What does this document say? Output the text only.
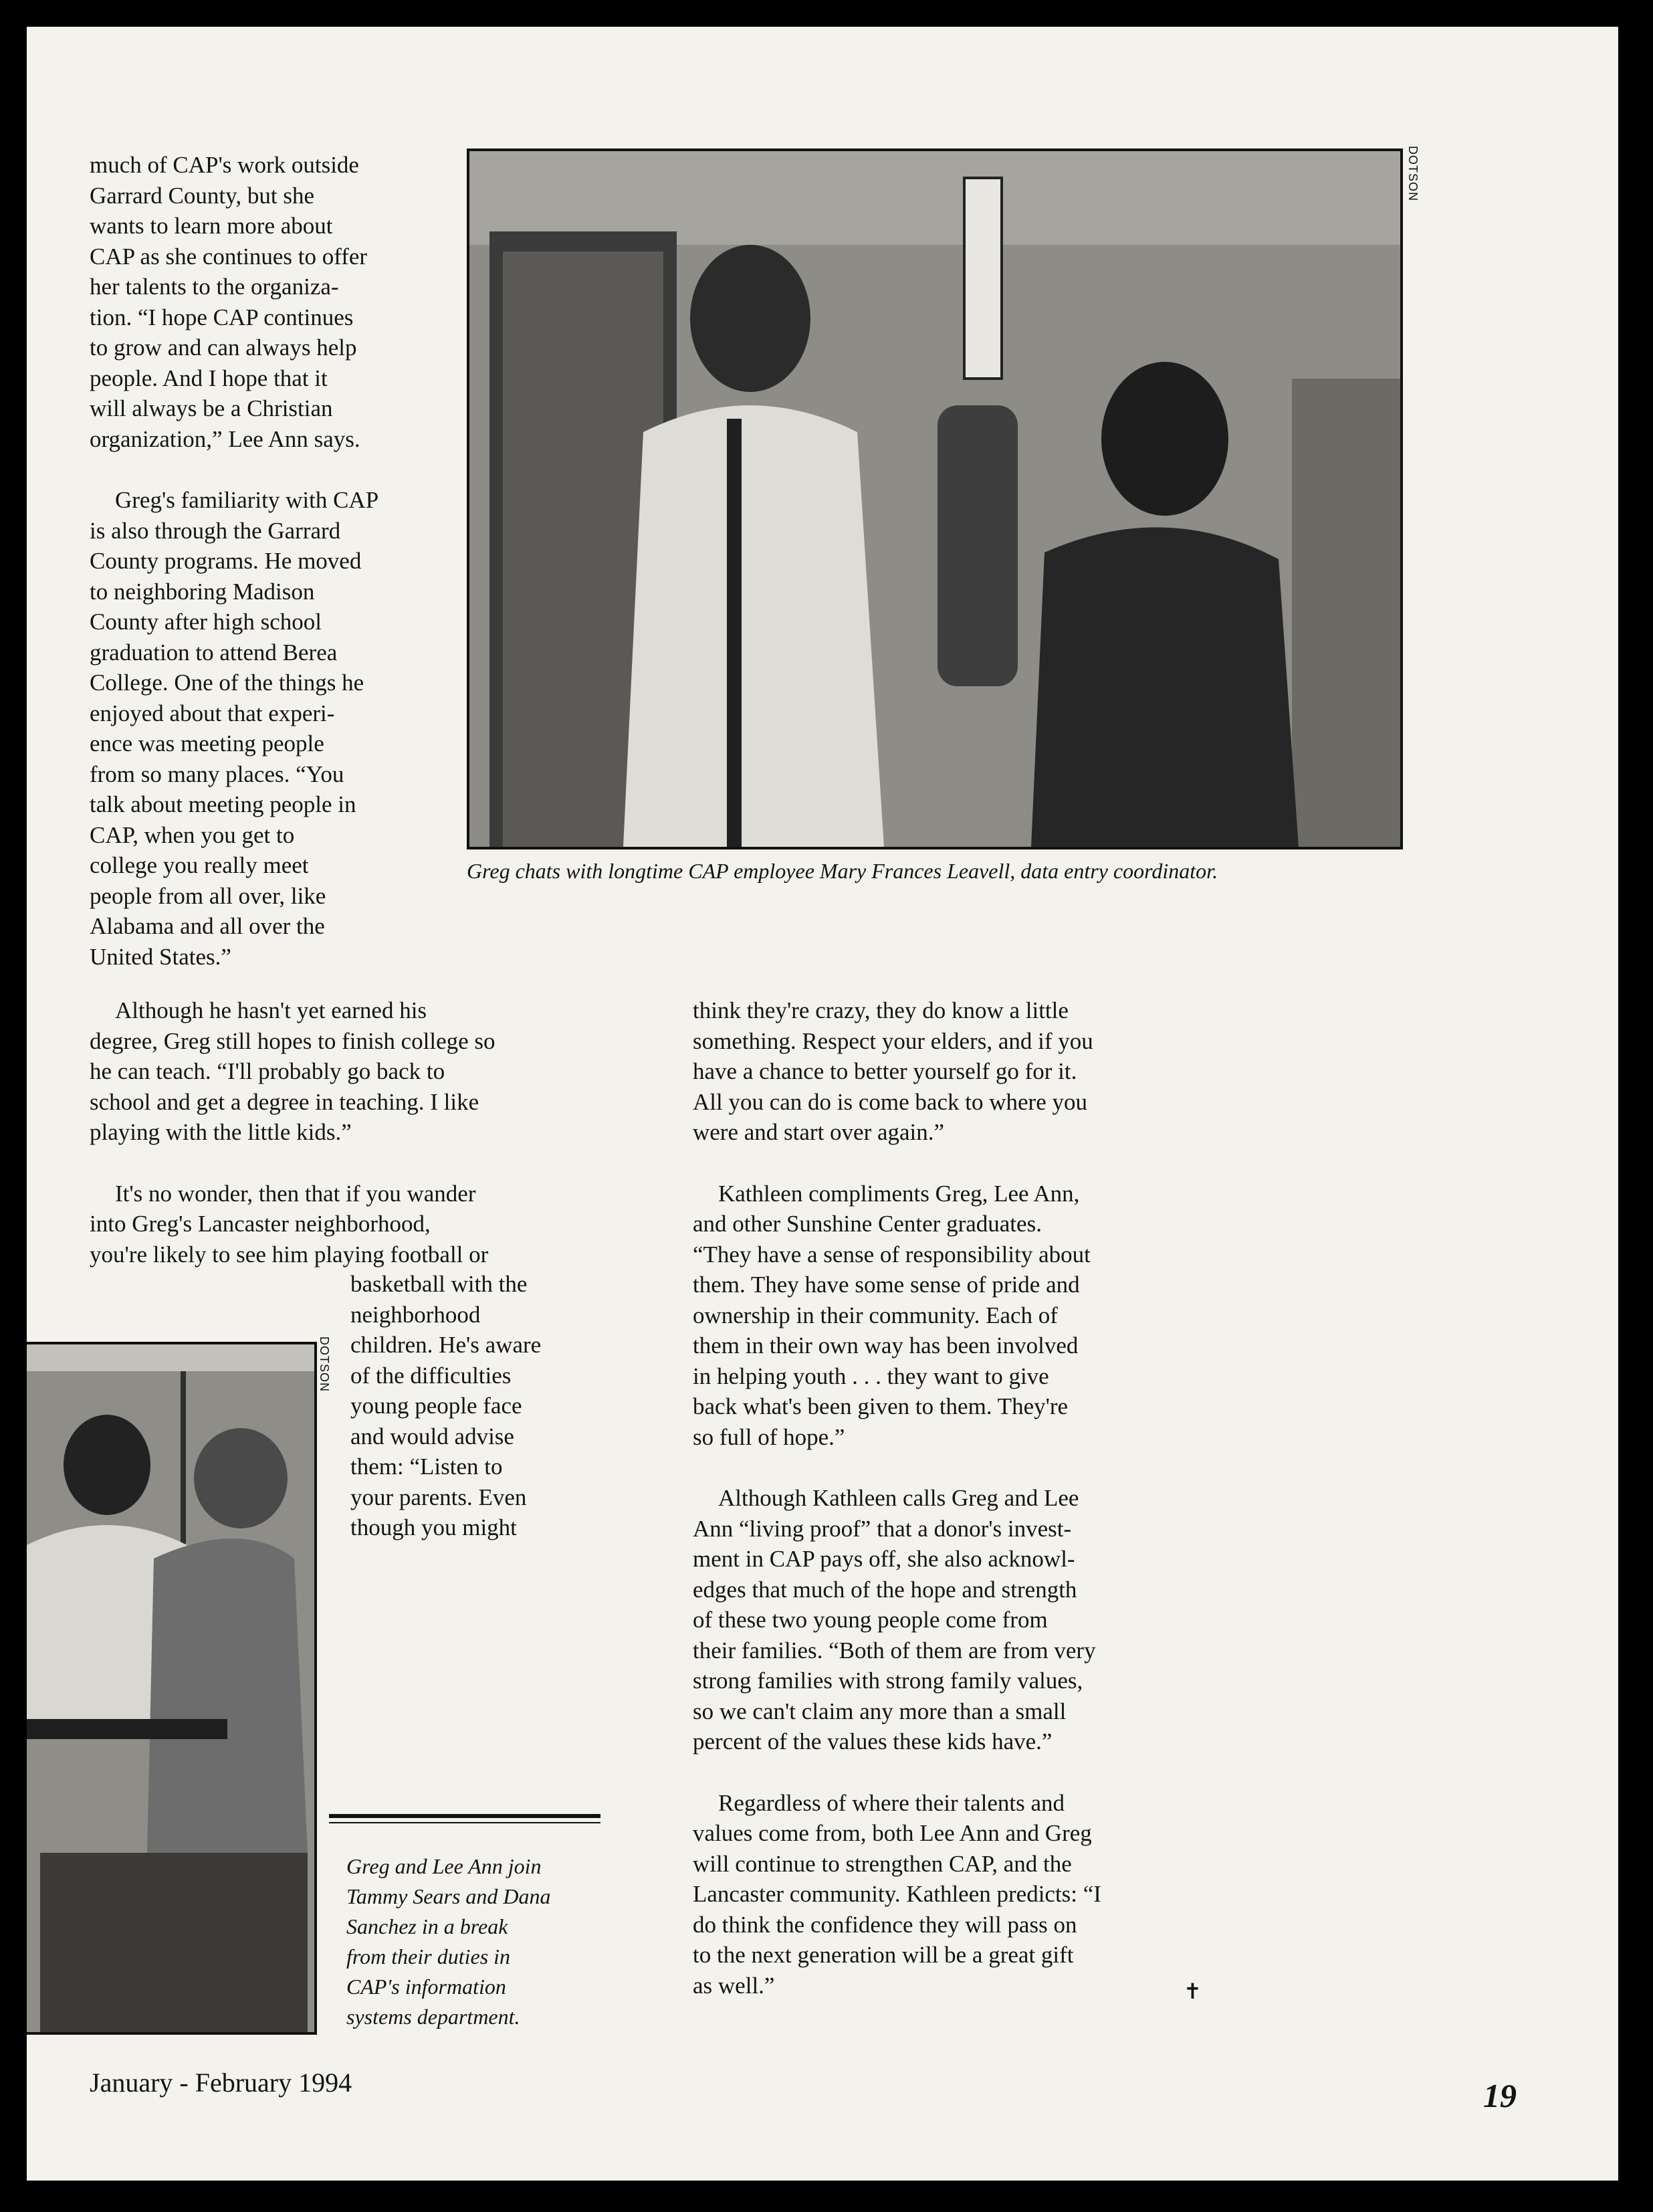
much of CAP's work outside
Garrard County, but she
wants to learn more about
CAP as she continues to offer
her talents to the organiza-
tion. “I hope CAP continues
to grow and can always help
people. And I hope that it
will always be a Christian
organization,” Lee Ann says.

Greg's familiarity with CAP
is also through the Garrard
County programs. He moved
to neighboring Madison
County after high school
graduation to attend Berea
College. One of the things he
enjoyed about that experi-
ence was meeting people
from so many places. “You
talk about meeting people in
CAP, when you get to
college you really meet
people from all over, like
Alabama and all over the
United States.”

DOTSON
Greg chats with longtime CAP employee Mary Frances Leavell, data entry coordinator.

Although he hasn't yet earned his
degree, Greg still hopes to finish college so
he can teach. “I'll probably go back to
school and get a degree in teaching. I like
playing with the little kids.”

It's no wonder, then that if you wander
into Greg's Lancaster neighborhood,
you're likely to see him playing football or

basketball with the
neighborhood
children. He's aware
of the difficulties
young people face
and would advise
them: “Listen to
your parents. Even
though you might

DOTSON

Greg and Lee Ann join
Tammy Sears and Dana
Sanchez in a break
from their duties in
CAP's information
systems department.

think they're crazy, they do know a little
something. Respect your elders, and if you
have a chance to better yourself go for it.
All you can do is come back to where you
were and start over again.”

Kathleen compliments Greg, Lee Ann,
and other Sunshine Center graduates.
“They have a sense of responsibility about
them. They have some sense of pride and
ownership in their community. Each of
them in their own way has been involved
in helping youth . . . they want to give
back what's been given to them. They're
so full of hope.”

Although Kathleen calls Greg and Lee
Ann “living proof” that a donor's invest-
ment in CAP pays off, she also acknowl-
edges that much of the hope and strength
of these two young people come from
their families. “Both of them are from very
strong families with strong family values,
so we can't claim any more than a small
percent of the values these kids have.”

Regardless of where their talents and
values come from, both Lee Ann and Greg
will continue to strengthen CAP, and the
Lancaster community. Kathleen predicts: “I
do think the confidence they will pass on
to the next generation will be a great gift
as well.”	✝
January - February 1994	19
